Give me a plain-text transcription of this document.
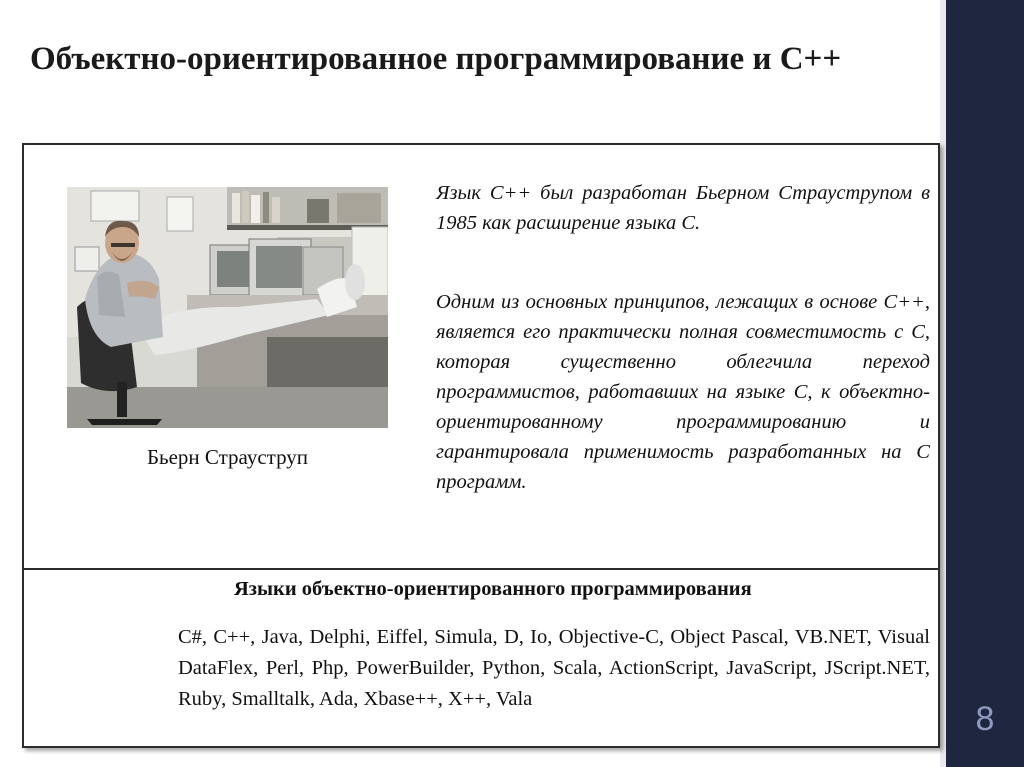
8
Объектно-ориентированное программирование и C++
Бьерн Страуструп

Язык С++ был разработан Бьерном Страуструпом в 1985 как расширение языка С.

Одним из основных принципов, лежащих в основе С++, является его практически полная совместимость с С, которая существенно облегчила переход программистов, работавших на языке С, к объектно-ориентированному программированию и гарантировала применимость разработанных на С программ.

Языки объектно-ориентированного программирования

C#, C++, Java, Delphi, Eiffel, Simula, D, Io, Objective-C, Object Pascal, VB.NET, Visual DataFlex, Perl, Php, PowerBuilder, Python, Scala, ActionScript, JavaScript, JScript.NET, Ruby, Smalltalk, Ada, Xbase++, X++, Vala
